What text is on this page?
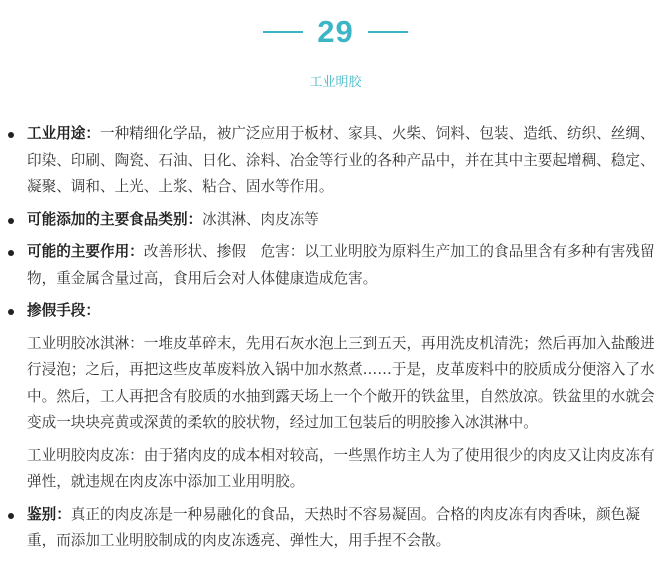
29
工业明胶
工业用途：一种精细化学品，被广泛应用于板材、家具、火柴、饲料、包装、造纸、纺织、丝绸、印染、印刷、陶瓷、石油、日化、涂料、冶金等行业的各种产品中，并在其中主要起增稠、稳定、凝聚、调和、上光、上浆、粘合、固水等作用。
可能添加的主要食品类别：冰淇淋、肉皮冻等
可能的主要作用：改善形状、掺假　危害：以工业明胶为原料生产加工的食品里含有多种有害残留物，重金属含量过高，食用后会对人体健康造成危害。
掺假手段：
工业明胶冰淇淋：一堆皮革碎末，先用石灰水泡上三到五天，再用洗皮机清洗；然后再加入盐酸进行浸泡；之后，再把这些皮革废料放入锅中加水熬煮……于是，皮革废料中的胶质成分便溶入了水中。然后，工人再把含有胶质的水抽到露天场上一个个敞开的铁盆里，自然放凉。铁盆里的水就会变成一块块亮黄或深黄的柔软的胶状物，经过加工包装后的明胶掺入冰淇淋中。
工业明胶肉皮冻：由于猪肉皮的成本相对较高，一些黑作坊主人为了使用很少的肉皮又让肉皮冻有弹性，就违规在肉皮冻中添加工业用明胶。
鉴别：真正的肉皮冻是一种易融化的食品，天热时不容易凝固。合格的肉皮冻有肉香味，颜色凝重，而添加工业明胶制成的肉皮冻透亮、弹性大，用手捏不会散。
